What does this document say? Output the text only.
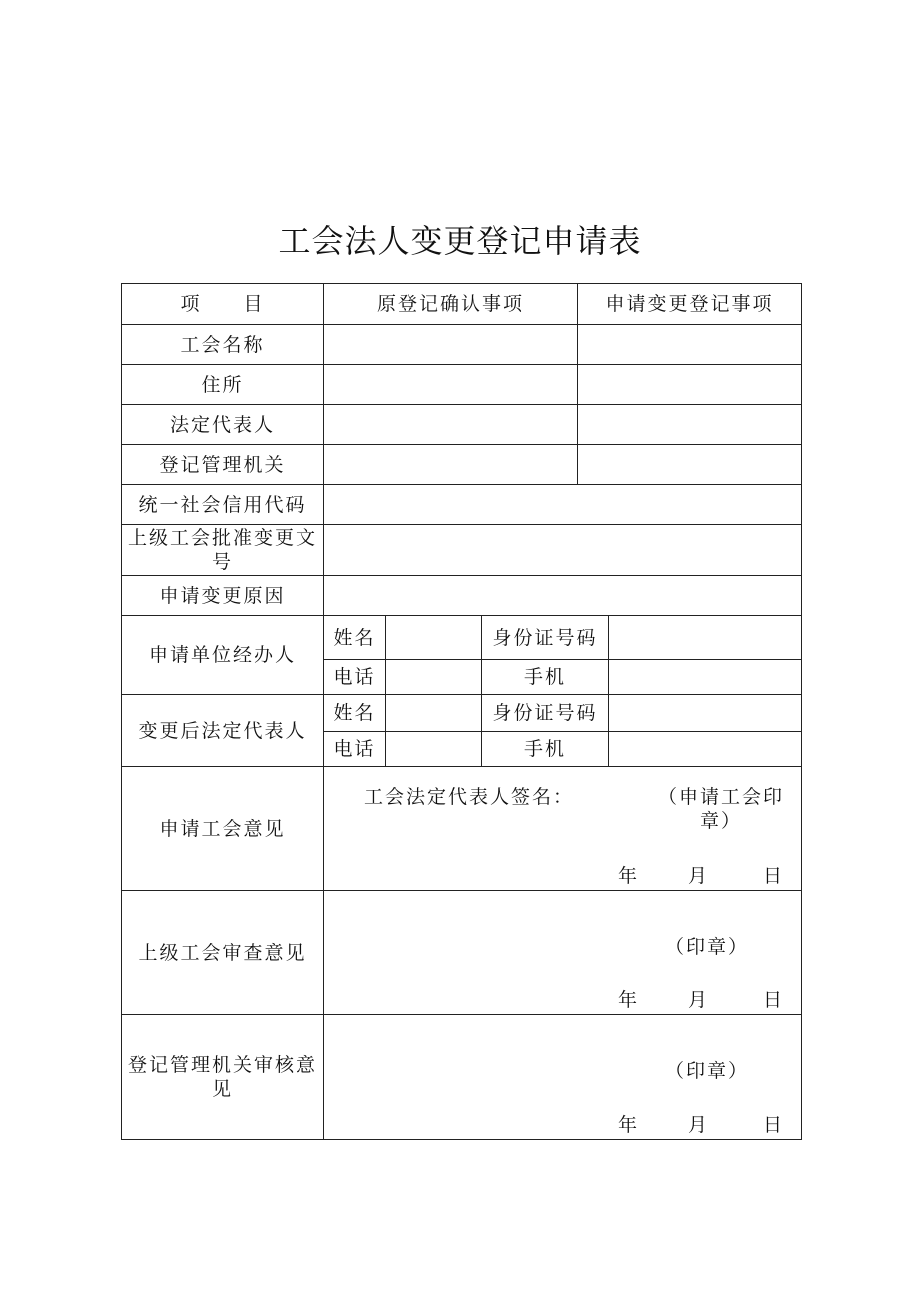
工会法人变更登记申请表
项　　目	原登记确认事项			申请变更登记事项	
工会名称					
住所					
法定代表人					
登记管理机关					
统一社会信用代码					
上级工会批准变更文号					
申请变更原因					
申请单位经办人	姓名		身份证号码		
	电话		手机		
变更后法定代表人	姓名		身份证号码		
	电话		手机		
申请工会意见	工会法定代表人签名： （申请工会印章）
年 月 日				

上级工会审查意见	（印章）
年 月 日				

登记管理机关审核意见	（印章）
年 月 日				
